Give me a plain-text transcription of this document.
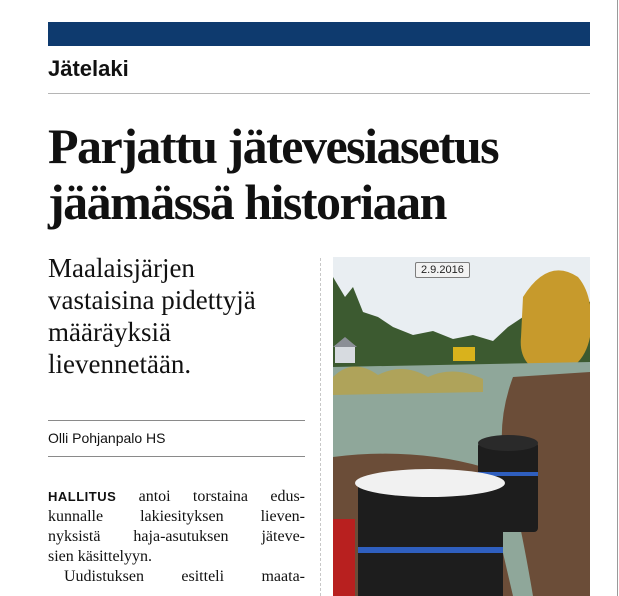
Jätelaki
Parjattu jätevesiasetus
jäämässä historiaan

Maalaisjärjen
vastaisina pidettyjä
määräyksiä
lievennetään.

Olli Pohjanpalo HS
HALLITUS antoi torstaina edus-
kunnalle lakiesityksen lieven-
nyksistä haja-asutuksen jäteve-
sien käsittelyyn.
Uudistuksen esitteli maata-
2.9.2016
